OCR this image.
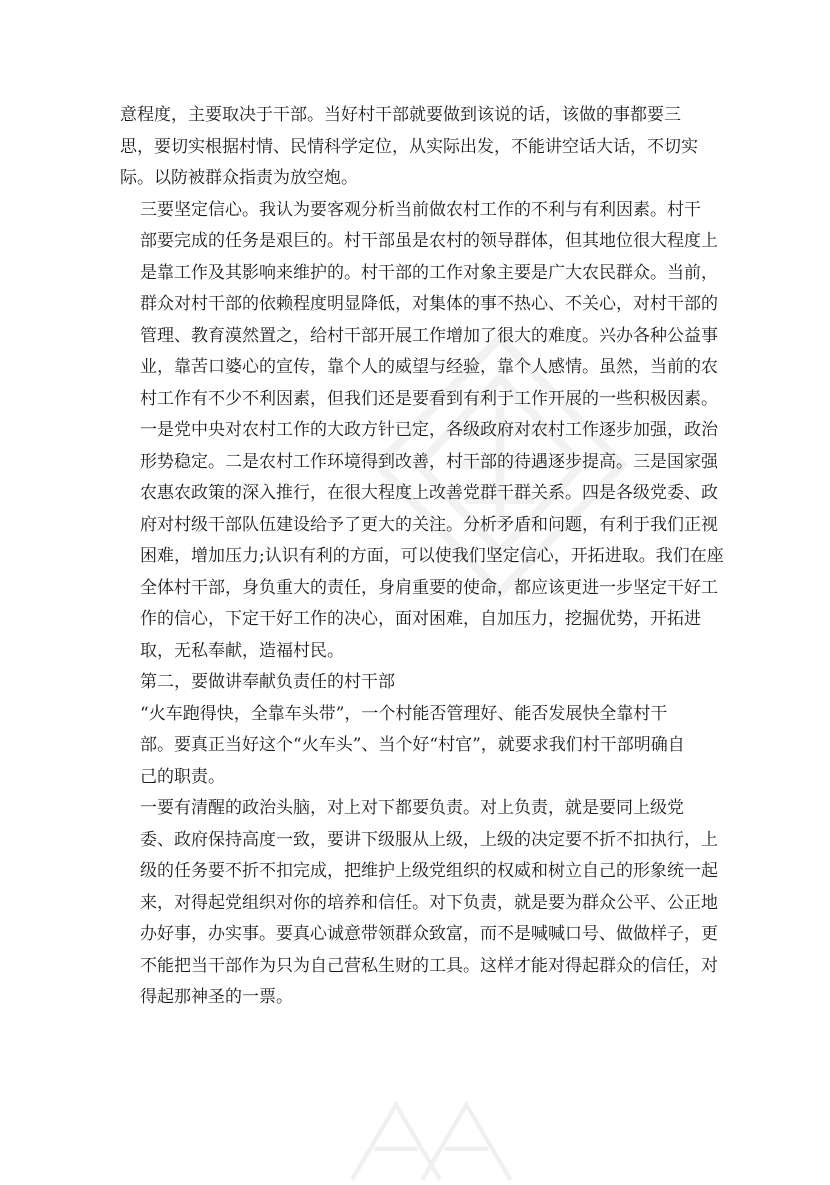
意程度，主要取决于干部。当好村干部就要做到该说的话，该做的事都要三
思，要切实根据村情、民情科学定位，从实际出发，不能讲空话大话，不切实
际。以防被群众指责为放空炮。

三要坚定信心。我认为要客观分析当前做农村工作的不利与有利因素。村干
部要完成的任务是艰巨的。村干部虽是农村的领导群体，但其地位很大程度上
是靠工作及其影响来维护的。村干部的工作对象主要是广大农民群众。当前，
群众对村干部的依赖程度明显降低，对集体的事不热心、不关心，对村干部的
管理、教育漠然置之，给村干部开展工作增加了很大的难度。兴办各种公益事
业，靠苦口婆心的宣传，靠个人的威望与经验，靠个人感情。虽然，当前的农
村工作有不少不利因素，但我们还是要看到有利于工作开展的一些积极因素。
一是党中央对农村工作的大政方针已定，各级政府对农村工作逐步加强，政治
形势稳定。二是农村工作环境得到改善，村干部的待遇逐步提高。三是国家强
农惠农政策的深入推行，在很大程度上改善党群干群关系。四是各级党委、政
府对村级干部队伍建设给予了更大的关注。分析矛盾和问题，有利于我们正视
困难，增加压力;认识有利的方面，可以使我们坚定信心，开拓进取。我们在座
全体村干部，身负重大的责任，身肩重要的使命，都应该更进一步坚定干好工
作的信心，下定干好工作的决心，面对困难，自加压力，挖掘优势，开拓进
取，无私奉献，造福村民。

第二，要做讲奉献负责任的村干部

“火车跑得快，全靠车头带”，一个村能否管理好、能否发展快全靠村干
部。要真正当好这个“火车头”、当个好“村官”，就要求我们村干部明确自
己的职责。

一要有清醒的政治头脑，对上对下都要负责。对上负责，就是要同上级党
委、政府保持高度一致，要讲下级服从上级，上级的决定要不折不扣执行，上
级的任务要不折不扣完成，把维护上级党组织的权威和树立自己的形象统一起
来，对得起党组织对你的培养和信任。对下负责，就是要为群众公平、公正地
办好事，办实事。要真心诚意带领群众致富，而不是喊喊口号、做做样子，更
不能把当干部作为只为自己营私生财的工具。这样才能对得起群众的信任，对
得起那神圣的一票。
